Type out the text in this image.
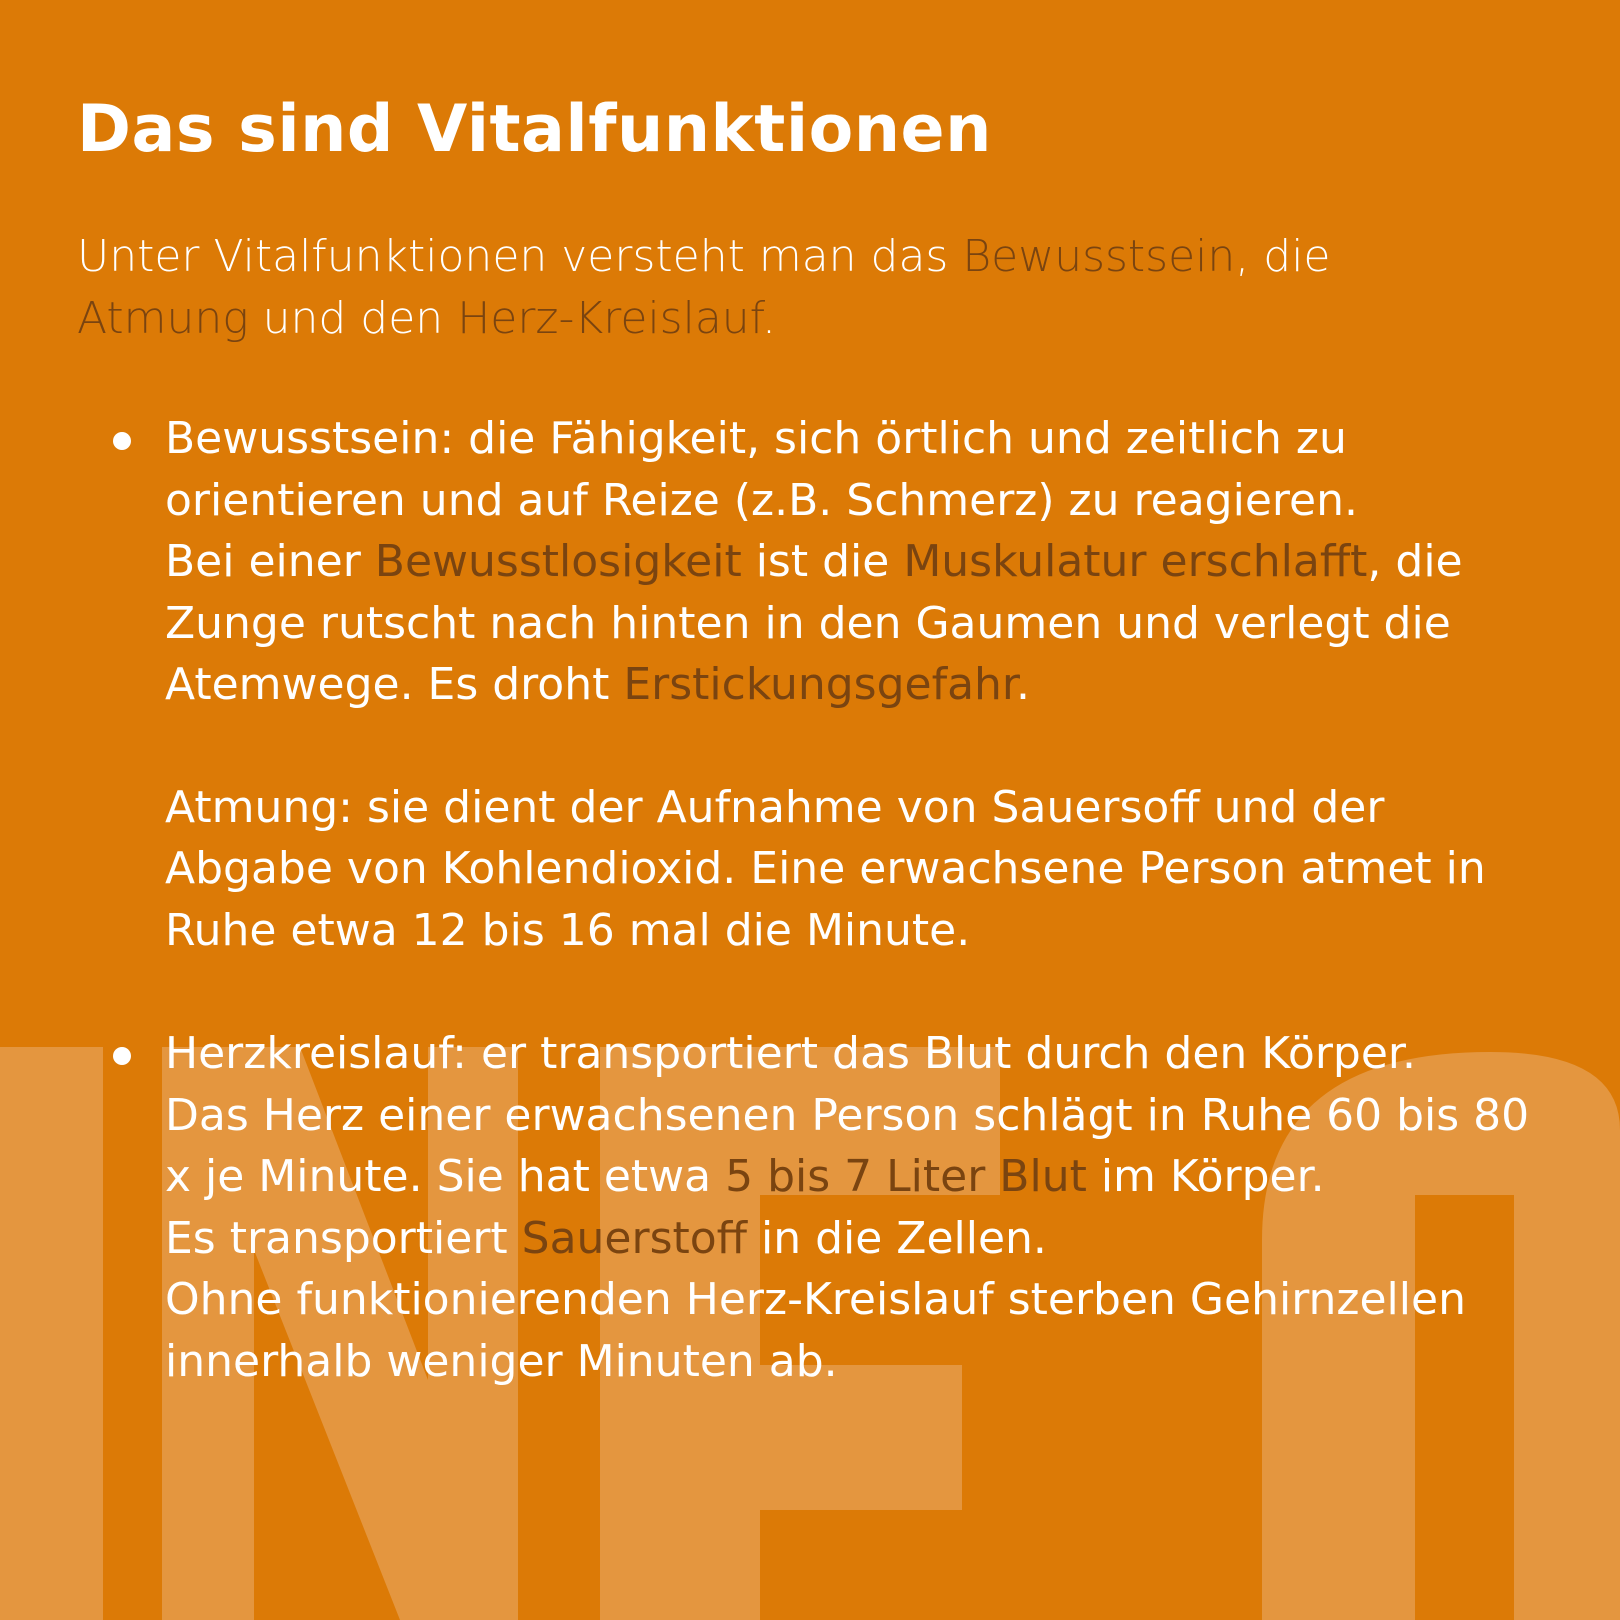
Das sind Vitalfunktionen

Unter Vitalfunktionen versteht man das Bewusstsein, die
Atmung und den Herz-Kreislauf.

Bewusstsein: die Fähigkeit, sich örtlich und zeitlich zu orientieren und auf Reize (z.B. Schmerz) zu reagieren.
Bei einer Bewusstlosigkeit ist die Muskulatur erschlafft, die Zunge rutscht nach hinten in den Gaumen und verlegt die Atemwege. Es droht Erstickungsgefahr.

Atmung: sie dient der Aufnahme von Sauersoff und der Abgabe von Kohlendioxid. Eine erwachsene Person atmet in Ruhe etwa 12 bis 16 mal die Minute.

Herzkreislauf: er transportiert das Blut durch den Körper.

Das Herz einer erwachsenen Person schlägt in Ruhe 60 bis 80 x je Minute. Sie hat etwa 5 bis 7 Liter Blut im Körper.

Es transportiert Sauerstoff in die Zellen.

Ohne funktionierenden Herz-Kreislauf sterben Gehirnzellen innerhalb weniger Minuten ab.
